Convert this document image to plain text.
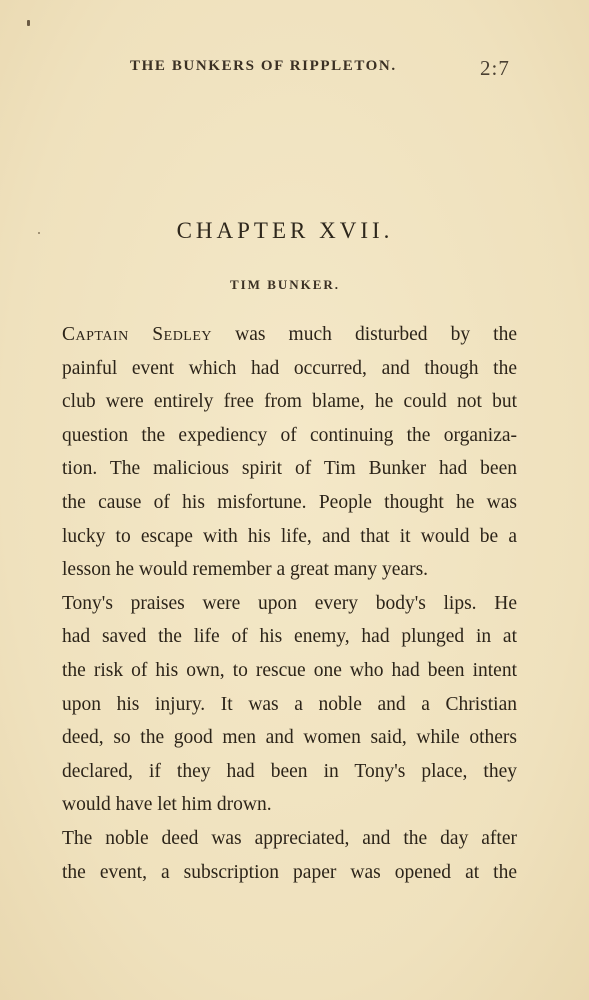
THE BUNKERS OF RIPPLETON.	2:7
CHAPTER XVII.
TIM BUNKER.
Captain Sedley was much disturbed by the
painful event which had occurred, and though the
club were entirely free from blame, he could not but
question the expediency of continuing the organiza-
tion. The malicious spirit of Tim Bunker had been
the cause of his misfortune. People thought he was
lucky to escape with his life, and that it would be a
lesson he would remember a great many years.
Tony's praises were upon every body's lips. He
had saved the life of his enemy, had plunged in at
the risk of his own, to rescue one who had been intent
upon his injury. It was a noble and a Christian
deed, so the good men and women said, while others
declared, if they had been in Tony's place, they
would have let him drown.
The noble deed was appreciated, and the day after
the event, a subscription paper was opened at the
